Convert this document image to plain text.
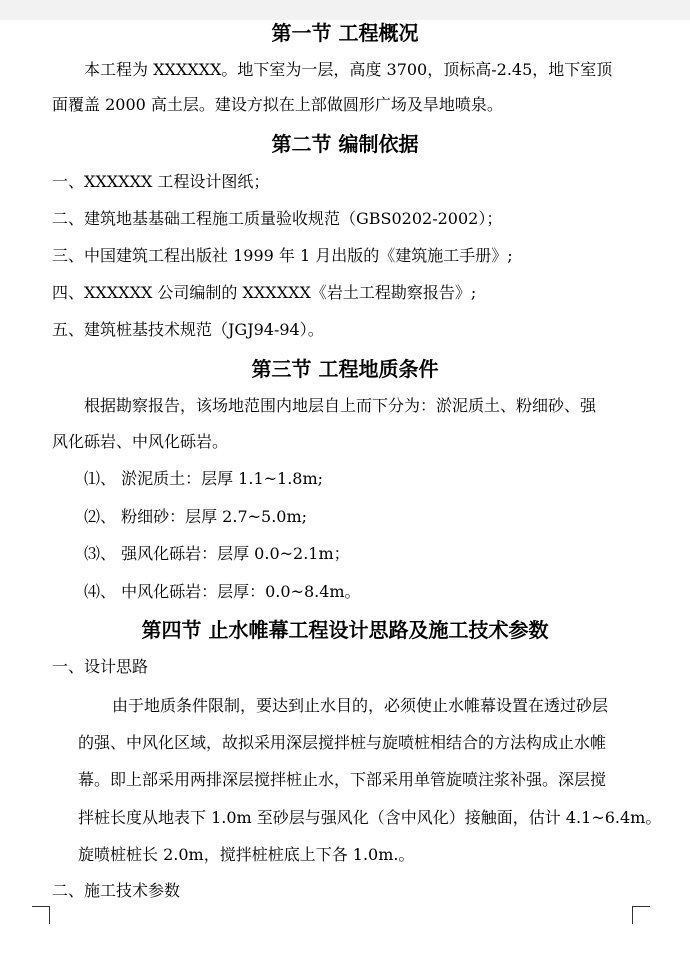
第一节 工程概况
本工程为 XXXXXX。地下室为一层，高度 3700，顶标高-2.45，地下室顶
面覆盖 2000 高土层。建设方拟在上部做圆形广场及旱地喷泉。
第二节 编制依据
一、XXXXXX 工程设计图纸；
二、建筑地基基础工程施工质量验收规范（GBS0202-2002）；
三、中国建筑工程出版社 1999 年 1 月出版的《建筑施工手册》;
四、XXXXXX 公司编制的 XXXXXX《岩土工程勘察报告》;
五、建筑桩基技术规范（JGJ94-94）。
第三节 工程地质条件
根据勘察报告，该场地范围内地层自上而下分为：淤泥质土、粉细砂、强
风化砾岩、中风化砾岩。
⑴、 淤泥质土：层厚 1.1~1.8m;
⑵、 粉细砂：层厚 2.7~5.0m;
⑶、 强风化砾岩：层厚 0.0~2.1m；
⑷、 中风化砾岩：层厚：0.0~8.4m。
第四节 止水帷幕工程设计思路及施工技术参数
一、设计思路
由于地质条件限制，要达到止水目的，必须使止水帷幕设置在透过砂层
的强、中风化区域，故拟采用深层搅拌桩与旋喷桩相结合的方法构成止水帷
幕。即上部采用两排深层搅拌桩止水，下部采用单管旋喷注浆补强。深层搅
拌桩长度从地表下 1.0m 至砂层与强风化（含中风化）接触面，估计 4.1~6.4m。
旋喷桩桩长 2.0m，搅拌桩桩底上下各 1.0m.。
二、施工技术参数
